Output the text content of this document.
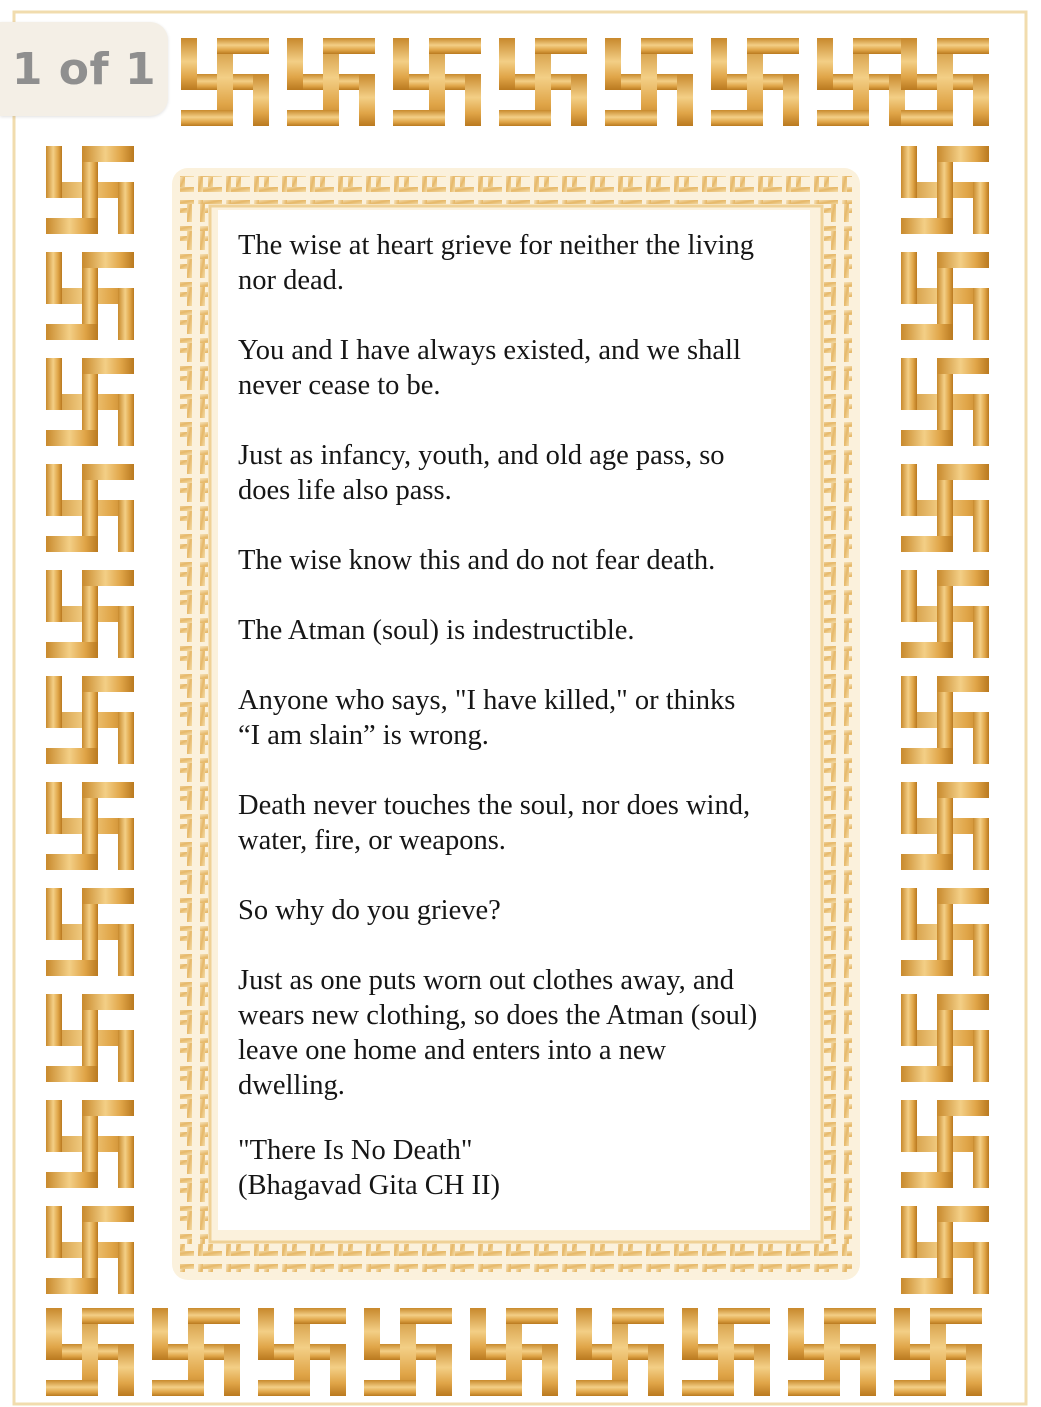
1 of 1
The wise at heart grieve for neither the living
nor dead.
You and I have always existed, and we shall
never cease to be.
Just as infancy, youth, and old age pass, so
does life also pass.
The wise know this and do not fear death.
The Atman (soul) is indestructible.
Anyone who says, "I have killed," or thinks
“I am slain” is wrong.
Death never touches the soul, nor does wind,
water, fire, or weapons.
So why do you grieve?
Just as one puts worn out clothes away, and
wears new clothing, so does the Atman (soul)
leave one home and enters into a new
dwelling.
"There Is No Death"
(Bhagavad Gita CH II)
